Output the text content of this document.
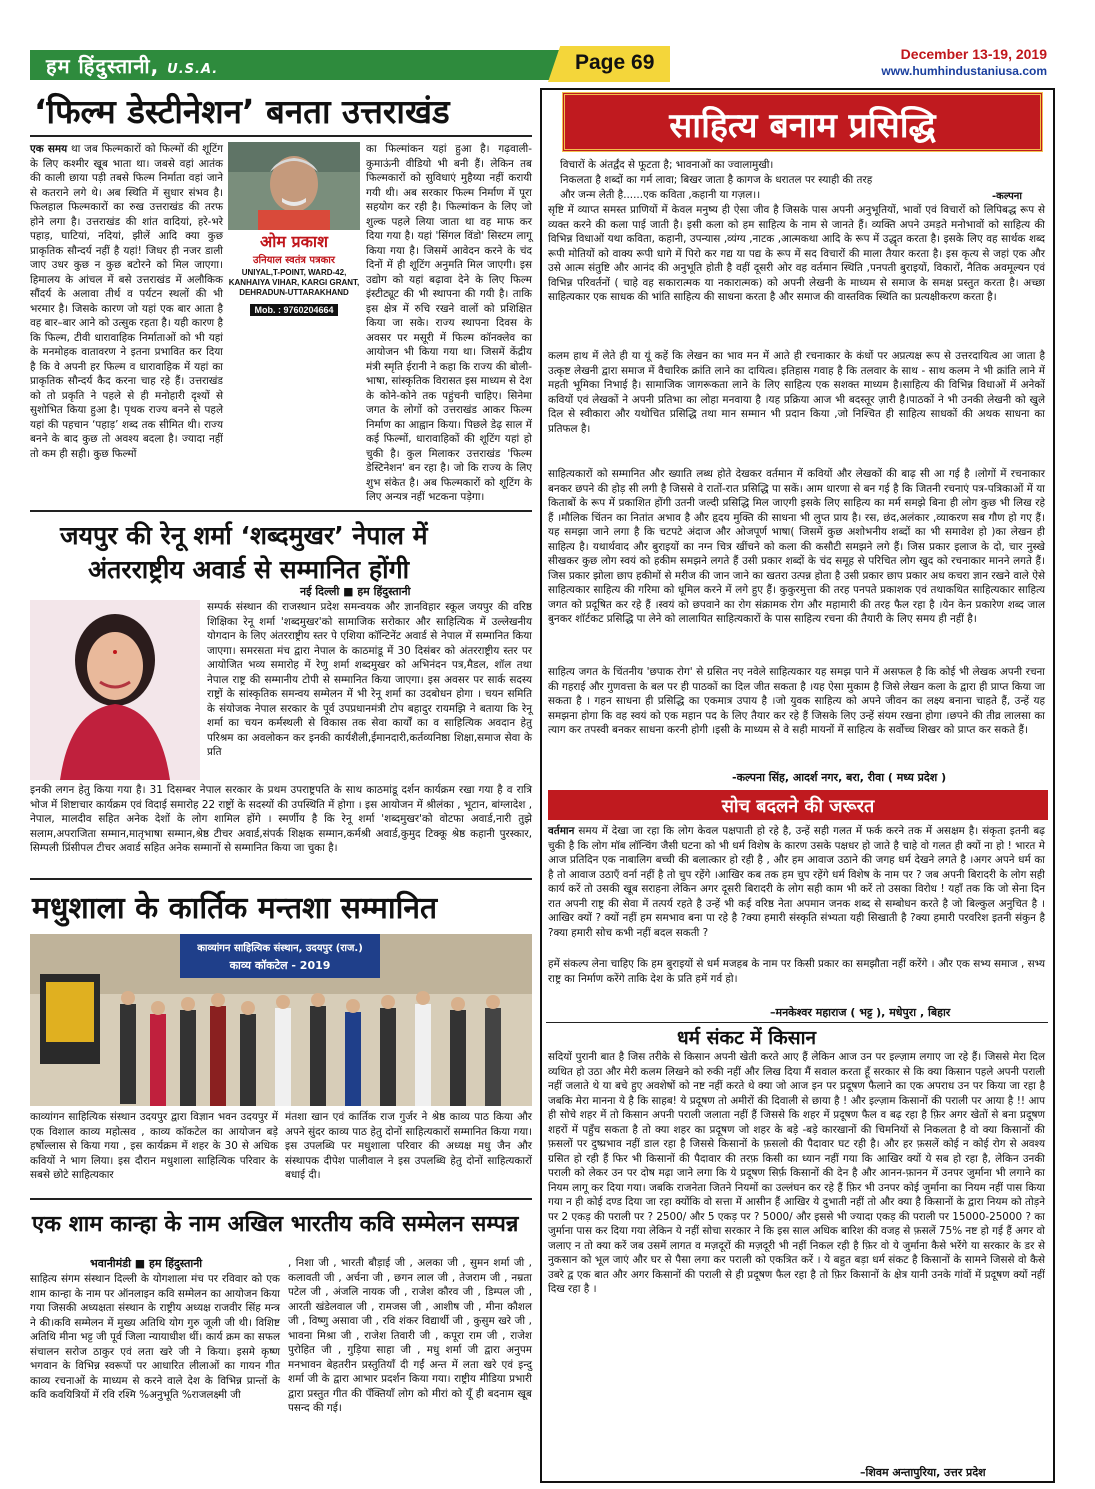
हम हिंदुस्तानी, U.S.A.	Page 69	December 13-19, 2019
www.humhindustaniusa.com
‘फिल्म डेस्टीनेशन’ बनता उत्तराखंड
एक समय था जब फिल्मकारों को फिल्मों की शूटिंग के लिए कश्मीर खूब भाता था। जबसे वहां आतंक की काली छाया पड़ी तबसे फिल्म निर्माता वहां जाने से कतराने लगे थे। अब स्थिति में सुधार संभव है। फिलहाल फिल्मकारों का रुख उत्तराखंड की तरफ होने लगा है। उत्तराखंड की शांत वादियां, हरे-भरे पहाड़, घाटियां, नदियां, झीलें आदि क्या कुछ प्राकृतिक सौन्दर्य नहीं है यहां! जिधर ही नजर डाली जाए उधर कुछ न कुछ बटोरने को मिल जाएगा। हिमालय के आंचल में बसे उत्तराखंड में अलौकिक सौंदर्य के अलावा तीर्थ व पर्यटन स्थलों की भी भरमार है। जिसके कारण जो यहां एक बार आता है वह बार–बार आने को उत्सुक रहता है। यही कारण है कि फिल्म, टीवी धारावाहिक निर्माताओं को भी यहां के मनमोहक वातावरण ने इतना प्रभावित कर दिया है कि वे अपनी हर फिल्म व धारावाहिक में यहां का प्राकृतिक सौन्दर्य कैद करना चाह रहे हैं। उत्तराखंड को तो प्रकृति ने पहले से ही मनोहारी दृश्यों से सुशोभित किया हुआ है। पृथक राज्य बनने से पहले यहां की पहचान ‘पहाड़’ शब्द तक सीमित थी। राज्य बनने के बाद कुछ तो अवश्य बदला है। ज्यादा नहीं तो कम ही सही। कुछ फिल्मों
ओम प्रकाश
उनियाल स्वतंत्र पत्रकार
UNIYAL,T-POINT, WARD-42, KANHAIYA VIHAR, KARGI GRANT, DEHRADUN-UTTARAKHAND
Mob. : 9760204664
का फिल्मांकन यहां हुआ है। गढ़वाली-कुमाऊंनी वीडियो भी बनी हैं। लेकिन तब फिल्मकारों को सुविधाएं मुहैय्या नहीं करायी गयी थी। अब सरकार फिल्म निर्माण में पूरा सहयोग कर रही है। फिल्मांकन के लिए जो शुल्क पहले लिया जाता था वह माफ कर दिया गया है। यहां 'सिंगल विंडो' सिस्टम लागू किया गया है। जिसमें आवेदन करने के चंद दिनों में ही शूटिंग अनुमति मिल जाएगी। इस उद्योग को यहां बढ़ावा देने के लिए फिल्म इंस्टीट्यूट की भी स्थापना की गयी है। ताकि इस क्षेत्र में रुचि रखने वालों को प्रशिक्षित किया जा सके। राज्य स्थापना दिवस के अवसर पर मसूरी में फिल्म कॉनक्लेव का आयोजन भी किया गया था। जिसमें केंद्रीय मंत्री स्मृति ईरानी ने कहा कि राज्य की बोली-भाषा, सांस्कृतिक विरासत इस माध्यम से देश के कोने-कोने तक पहुंचनी चाहिए। सिनेमा जगत के लोगों को उत्तराखंड आकर फिल्म निर्माण का आह्वान किया। पिछले डेढ़ साल में कई फिल्मों, धारावाहिकों की शूटिंग यहां हो चुकी है। कुल मिलाकर उत्तराखंड 'फिल्म डेस्टिनेशन' बन रहा है। जो कि राज्य के लिए शुभ संकेत है। अब फिल्मकारों को शूटिंग के लिए अन्यत्र नहीं भटकना पड़ेगा।
जयपुर की रेनू शर्मा ‘शब्दमुखर’ नेपाल में
अंतरराष्ट्रीय अवार्ड से सम्मानित होंगी
नई दिल्ली ■ हम हिंदुस्तानी
सम्पर्क संस्थान की राजस्थान प्रदेश समन्वयक और ज्ञानविहार स्कूल जयपुर की वरिष्ठ शिक्षिका रेनू शर्मा 'शब्दमुखर'को सामाजिक सरोकार और साहित्यिक में उल्लेखनीय योगदान के लिए अंतरराष्ट्रीय स्तर पे एशिया कॉन्टिनेंट अवार्ड से नेपाल में सम्मानित किया जाएगा। समरसता मंच द्वारा नेपाल के काठमांडू में 30 दिसंबर को अंतरराष्ट्रीय स्तर पर आयोजित भव्य समारोह में रेणु शर्मा शब्दमुखर को अभिनंदन पत्र,मैडल, शॉल तथा नेपाल राष्ट्र की सम्मानीय टोपी से सम्मानित किया जाएगा। इस अवसर पर सार्क सदस्य राष्ट्रों के सांस्कृतिक समन्वय सम्मेलन में भी रेनू शर्मा का उदबोधन होगा । चयन समिति के संयोजक नेपाल सरकार के पूर्व उपप्रधानमंत्री टोप बहादुर रायमझि ने बताया कि रेनू शर्मा का चयन कर्मस्थली से विकास तक सेवा कार्यों का व साहित्यिक अवदान हेतु परिश्रम का अवलोकन कर इनकी कार्यशैली,ईमानदारी,कर्तव्यनिष्ठा शिक्षा,समाज सेवा के प्रति
इनकी लगन हेतु किया गया है। 31 दिसम्बर नेपाल सरकार के प्रथम उपराष्ट्रपति के साथ काठमांडू दर्शन कार्यक्रम रखा गया है व रात्रि भोज में शिष्टाचार कार्यक्रम एवं विदाई समारोह 22 राष्ट्रों के सदस्यों की उपस्थिति में होगा । इस आयोजन में श्रीलंका , भूटान, बांग्लादेश , नेपाल, मालदीव सहित अनेक देशों के लोग शामिल होंगे । स्मर्णीय है कि रेनू शर्मा 'शब्दमुखर'को वोटफा अवार्ड,नारी तुझे सलाम,अपराजिता सम्मान,मातृभाषा सम्मान,श्रेष्ठ टीचर अवार्ड,संपर्क शिक्षक सम्मान,कर्मश्री अवार्ड,कुमुद टिक्कू श्रेष्ठ कहानी पुरस्कार, सिम्पली प्रिंसीपल टीचर अवार्ड सहित अनेक सम्मानों से सम्मानित किया जा चुका है।
मधुशाला के कार्तिक मन्तशा सम्मानित
काव्यांगन साहित्यिक संस्थान, उदयपुर (राज.)
काव्य कॉकटेल - 2019
काव्यांगन साहित्यिक संस्थान उदयपुर द्वारा विज्ञान भवन उदयपुर में एक विशाल काव्य महोत्सव , काव्य कॉकटेल का आयोजन बड़े हर्षोल्लास से किया गया , इस कार्यक्रम में शहर के 30 से अधिक कवियों ने भाग लिया। इस दौरान मधुशाला साहित्यिक परिवार के सबसे छोटे साहित्यकार
मंतशा खान एवं कार्तिक राज गुर्जर ने श्रेष्ठ काव्य पाठ किया और अपने सुंदर काव्य पाठ हेतु दोनों साहित्यकारों सम्मानित किया गया। इस उपलब्धि पर मधुशाला परिवार की अध्यक्ष मधु जैन और संस्थापक दीपेश पालीवाल ने इस उपलब्धि हेतु दोनों साहित्यकारों बधाई दी।
एक शाम कान्हा के नाम अखिल भारतीय कवि सम्मेलन सम्पन्न
भवानीमंडी ■ हम हिंदुस्तानी
साहित्य संगम संस्थान दिल्ली के योगशाला मंच पर रविवार को एक शाम कान्हा के नाम पर ऑनलाइन कवि सम्मेलन का आयोजन किया गया जिसकी अध्यक्षता संस्थान के राष्ट्रीय अध्यक्ष राजवीर सिंह मन्त्र ने की।कवि सम्मेलन में मुख्य अतिथि योग गुरु जूली जी थी। विशिष्ट अतिथि मीना भट्ट जी पूर्व जिला न्यायाधीश थीं। कार्य क्रम का सफल संचालन सरोज ठाकुर एवं लता खरे जी ने किया। इसमे कृष्ण भगवान के विभिन्न स्वरूपों पर आधारित लीलाओं का गायन गीत काव्य रचनाओं के माध्यम से करने वाले देश के विभिन्न प्रान्तों के कवि कवयित्रियों में रवि रश्मि %अनुभूति %राजलक्ष्मी जी
, निशा जी , भारती बौड़ाई जी , अलका जी , सुमन शर्मा जी , कलावती जी , अर्चना जी , छगन लाल जी , तेजराम जी , नम्रता पटेल जी , अंजलि नायक जी , राजेश कौरव जी , डिम्पल जी , आरती खंडेलवाल जी , रामजस जी , आशीष जी , मीना कौशल जी , विष्णु असावा जी , रवि शंकर विद्यार्थी जी , कुसुम खरे जी , भावना मिश्रा जी , राजेश तिवारी जी , कपूरा राम जी , राजेश पुरोहित जी , गुड़िया साहा जी , मधु शर्मा जी द्वारा अनुपम मनभावन बेहतरीन प्रस्तुतियाँ दी गईं अन्त में लता खरे एवं इन्दु शर्मा जी के द्वारा आभार प्रदर्शन किया गया। राष्ट्रीय मीडिया प्रभारी द्वारा प्रस्तुत गीत की पँक्तियाँ लोग को मीरां को यूँ ही बदनाम खूब पसन्द की गई।
साहित्य बनाम प्रसिद्धि
विचारों के अंतर्द्वंद से फूटता है; भावनाओं का ज्वालामुखी।
निकलता है शब्दों का गर्म लावा; बिखर जाता है कागज के धरातल पर स्याही की तरह
और जन्म लेती है......एक कविता ,कहानी या गज़ल।।	-कल्पना
सृष्टि में व्याप्त समस्त प्राणियों में केवल मनुष्य ही ऐसा जीव है जिसके पास अपनी अनुभूतियों, भावों एवं विचारों को लिपिबद्ध रूप से व्यक्त करने की कला पाई जाती है। इसी कला को हम साहित्य के नाम से जानते हैं। व्यक्ति अपने उमड़ते मनोभावों को साहित्य की विभिन्न विधाओं यथा कविता, कहानी, उपन्यास ,व्यंग्य ,नाटक ,आत्मकथा आदि के रूप में उद्धृत करता है। इसके लिए वह सार्थक शब्द रूपी मोतियों को वाक्य रूपी धागे में पिरो कर गद्य या पद्य के रूप में सद विचारों की माला तैयार करता है। इस कृत्य से जहां एक और उसे आत्म संतुष्टि और आनंद की अनुभूति होती है वहीं दूसरी ओर वह वर्तमान स्थिति ,पनपती बुराइयों, विकारों, नैतिक अवमूल्यन एवं विभिन्न परिवर्तनों ( चाहे वह सकारात्मक या नकारात्मक) को अपनी लेखनी के माध्यम से समाज के समक्ष प्रस्तुत करता है। अच्छा साहित्यकार एक साधक की भांति साहित्य की साधना करता है और समाज की वास्तविक स्थिति का प्रत्यक्षीकरण करता है।
कलम हाथ में लेते ही या यूं कहें कि लेखन का भाव मन में आते ही रचनाकार के कंधों पर अप्रत्यक्ष रूप से उत्तरदायित्व आ जाता है उत्कृष्ट लेखनी द्वारा समाज में वैचारिक क्रांति लाने का दायित्व। इतिहास गवाह है कि तलवार के साथ - साथ कलम ने भी क्रांति लाने में महती भूमिका निभाई है। सामाजिक जागरूकता लाने के लिए साहित्य एक सशक्त माध्यम है।साहित्य की विभिन्न विधाओं में अनेकों कवियों एवं लेखकों ने अपनी प्रतिभा का लोहा मनवाया है ।यह प्रक्रिया आज भी बदस्तूर ज़ारी है।पाठकों ने भी उनकी लेखनी को खुले दिल से स्वीकारा और यथोचित प्रसिद्धि तथा मान सम्मान भी प्रदान किया ,जो निश्चित ही साहित्य साधकों की अथक साधना का प्रतिफल है।
साहित्यकारों को सम्मानित और ख्याति लब्ध होते देखकर वर्तमान में कवियों और लेखकों की बाढ़ सी आ गई है ।लोगों में रचनाकार बनकर छपने की होड़ सी लगी है जिससे वे रातों-रात प्रसिद्धि पा सकें। आम धारणा से बन गई है कि जितनी रचनाएं पत्र-पत्रिकाओं में या किताबों के रूप में प्रकाशित होंगी उतनी जल्दी प्रसिद्धि मिल जाएगी इसके लिए साहित्य का मर्म समझे बिना ही लोग कुछ भी लिख रहे हैं ।मौलिक चिंतन का नितांत अभाव है और हृदय मुक्ति की साधना भी लुप्त प्राय है। रस, छंद,अलंकार ,व्याकरण सब गौण हो गए हैं। यह समझा जाने लगा है कि चटपटे अंदाज और ओजपूर्ण भाषा( जिसमें कुछ अशोभनीय शब्दों का भी समावेश हो )का लेखन ही साहित्य है। यथार्थवाद और बुराइयों का नग्न चित्र खींचने को कला की कसौटी समझने लगे हैं। जिस प्रकार इलाज के दो, चार नुस्खे सीखकर कुछ लोग स्वयं को हकीम समझने लगते हैं उसी प्रकार शब्दों के चंद समूह से परिचित लोग खुद को रचनाकार मानने लगते हैं। जिस प्रकार झोला छाप हकीमों से मरीज की जान जाने का खतरा उत्पन्न होता है उसी प्रकार छाप प्रकार अध कचरा ज्ञान रखने वाले ऐसे साहित्यकार साहित्य की गरिमा को धूमिल करने में लगे हुए हैं। कुकुरमुत्ता की तरह पनपते प्रकाशक एवं तथाकथित साहित्यकार साहित्य जगत को प्रदूषित कर रहे हैं ।स्वयं को छपवाने का रोग संक्रामक रोग और महामारी की तरह फैल रहा है ।येन केन प्रकारेण शब्द जाल बुनकर शॉर्टकट प्रसिद्धि पा लेने को लालायित साहित्यकारों के पास साहित्य रचना की तैयारी के लिए समय ही नहीं है।
साहित्य जगत के चिंतनीय 'छपाक रोग' से ग्रसित नए नवेले साहित्यकार यह समझ पाने में असफल है कि कोई भी लेखक अपनी रचना की गहराई और गुणवत्ता के बल पर ही पाठकों का दिल जीत सकता है ।यह ऐसा मुकाम है जिसे लेखन कला के द्वारा ही प्राप्त किया जा सकता है । गहन साधना ही प्रसिद्धि का एकमात्र उपाय है ।जो युवक साहित्य को अपने जीवन का लक्ष्य बनाना चाहते हैं, उन्हें यह समझना होगा कि वह स्वयं को एक महान पद के लिए तैयार कर रहे हैं जिसके लिए उन्हें संयम रखना होगा ।छपने की तीव्र लालसा का त्याग कर तपस्वी बनकर साधना करनी होगी ।इसी के माध्यम से वे सही मायनों में साहित्य के सर्वोच्च शिखर को प्राप्त कर सकते हैं।
-कल्पना सिंह, आदर्श नगर, बरा, रीवा ( मध्य प्रदेश )
सोच बदलने की जरूरत
वर्तमान समय में देखा जा रहा कि लोग केवल पक्षपाती हो रहे है, उन्हें सही गलत में फर्क करने तक में असक्षम है। संकृता इतनी बढ़ चुकी है कि लोग मॉब लॉन्चिंग जैसी घटना को भी धर्म विशेष के कारण उसके पक्षधर हो जाते है चाहे वो गलत ही क्यों ना हो ! भारत मे आज प्रतिदिन एक नाबालिग बच्ची की बलात्कार हो रही है , और हम आवाज उठाने की जगह धर्म देखने लगते है ।अगर अपने धर्म का है तो आवाज उठाएँ वर्ना नहीं है तो चुप रहेंगे ।आखिर कब तक हम चुप रहेंगे धर्म विशेष के नाम पर ? जब अपनी बिरादरी के लोग सही कार्य करें तो उसकी खूब सराहना लेकिन अगर दूसरी बिरादरी के लोग सही काम भी करें तो उसका विरोध ! यहाँ तक कि जो सेना दिन रात अपनी राष्ट्र की सेवा में तत्पर्य रहते है उन्हें भी कई वरिष्ठ नेता अपमान जनक शब्द से सम्बोधन करते है जो बिल्कुल अनुचित है ।आखिर क्यों ? क्यों नहीं हम समभाव बना पा रहे है ?क्या हमारी संस्कृति संभ्यता यही सिखाती है ?क्या हमारी परवरिश इतनी संकुन है ?क्या हमारी सोच कभी नहीं बदल सकती ?
हमें संकल्प लेना चाहिए कि हम बुराइयों से धर्म मजहब के नाम पर किसी प्रकार का समझौता नहीं करेंगे । और एक सभ्य समाज , सभ्य राष्ट्र का निर्माण करेंगे ताकि देश के प्रति हमें गर्व हो।
–मनकेश्वर महाराज ( भट्ट ), मधेपुरा , बिहार
धर्म संकट में किसान
सदियों पुरानी बात है जिस तरीके से किसान अपनी खेती करते आए हैं लेकिन आज उन पर इल्ज़ाम लगाए जा रहे हैं। जिससे मेरा दिल व्यथित हो उठा और मेरी कलम लिखने को रुकी नहीं और लिख दिया मैं सवाल करता हूँ सरकार से कि क्या किसान पहले अपनी पराली नहीं जलाते थे या बचे हुए अवशेषों को नष्ट नहीं करते थे क्या जो आज इन पर प्रदूषण फैलाने का एक अपराध उन पर किया जा रहा है जबकि मेरा मानना ये है कि साहब! ये प्रदूषण तो अमीरों की दिवाली से छाया है ! और इल्ज़ाम किसानों की पराली पर आया है !! आप ही सोचे शहर में तो किसान अपनी पराली जलाता नहीं हैं जिससे कि शहर में प्रदूषण फैल व बढ़ रहा है फ़िर अगर खेतों से बना प्रदूषण शहरों में पहुँच सकता है तो क्या शहर का प्रदूषण जो शहर के बड़े -बड़े कारखानों की चिमनियों से निकलता है वो क्या किसानों की फ़सलों पर दुष्प्रभाव नहीं डाल रहा है जिससे किसानों के फ़सलो की पैदावार घट रही है। और हर फ़सलें कोई न कोई रोग से अवश्य ग्रसित हो रही हैं फिर भी किसानों की पैदावार की तरफ़ किसी का ध्यान नहीं गया कि आखिर क्यों ये सब हो रहा है, लेकिन उनकी पराली को लेकर उन पर दोष मढ़ा जाने लगा कि ये प्रदूषण सिर्फ़ किसानों की देन है और आनन-फ़ानन में उनपर जुर्माना भी लगाने का नियम लागू कर दिया गया। जबकि राजनेता जितने नियमों का उल्लंघन कर रहे हैं फ़िर भी उनपर कोई जुर्माना का नियम नहीं पास किया गया न ही कोई दण्ड दिया जा रहा क्योंकि वो सत्ता में आसीन हैं आखिर ये दुभाती नहीं तो और क्या है किसानों के द्वारा नियम को तोड़ने पर 2 एकड़ की पराली पर ? 2500/ और 5 एकड़ पर ? 5000/ और इससे भी ज्यादा एकड़ की पराली पर 15000-25000 ? का जुर्माना पास कर दिया गया लेकिन ये नहीं सोचा सरकार ने कि इस साल अधिक बारिश की वजह से फ़सलें 75% नष्ट हो गई हैं अगर वो जलाए न तो क्या करें जब उसमें लागत व मज़दूरों की मज़दूरी भी नहीं निकल रही है फ़िर वो ये जुर्माना कैसे भरेंगे या सरकार के डर से नुकसान को भूल जाएं और घर से पैसा लगा कर पराली को एकत्रित करें । ये बहुत बड़ा धर्म संकट है किसानों के सामने जिससे वो कैसे उबरे द्व एक बात और अगर किसानों की पराली से ही प्रदूषण फैल रहा है तो फ़िर किसानों के क्षेत्र यानी उनके गांवों में प्रदूषण क्यों नहीं दिख रहा है ।
–शिवम अन्तापुरिया, उत्तर प्रदेश
